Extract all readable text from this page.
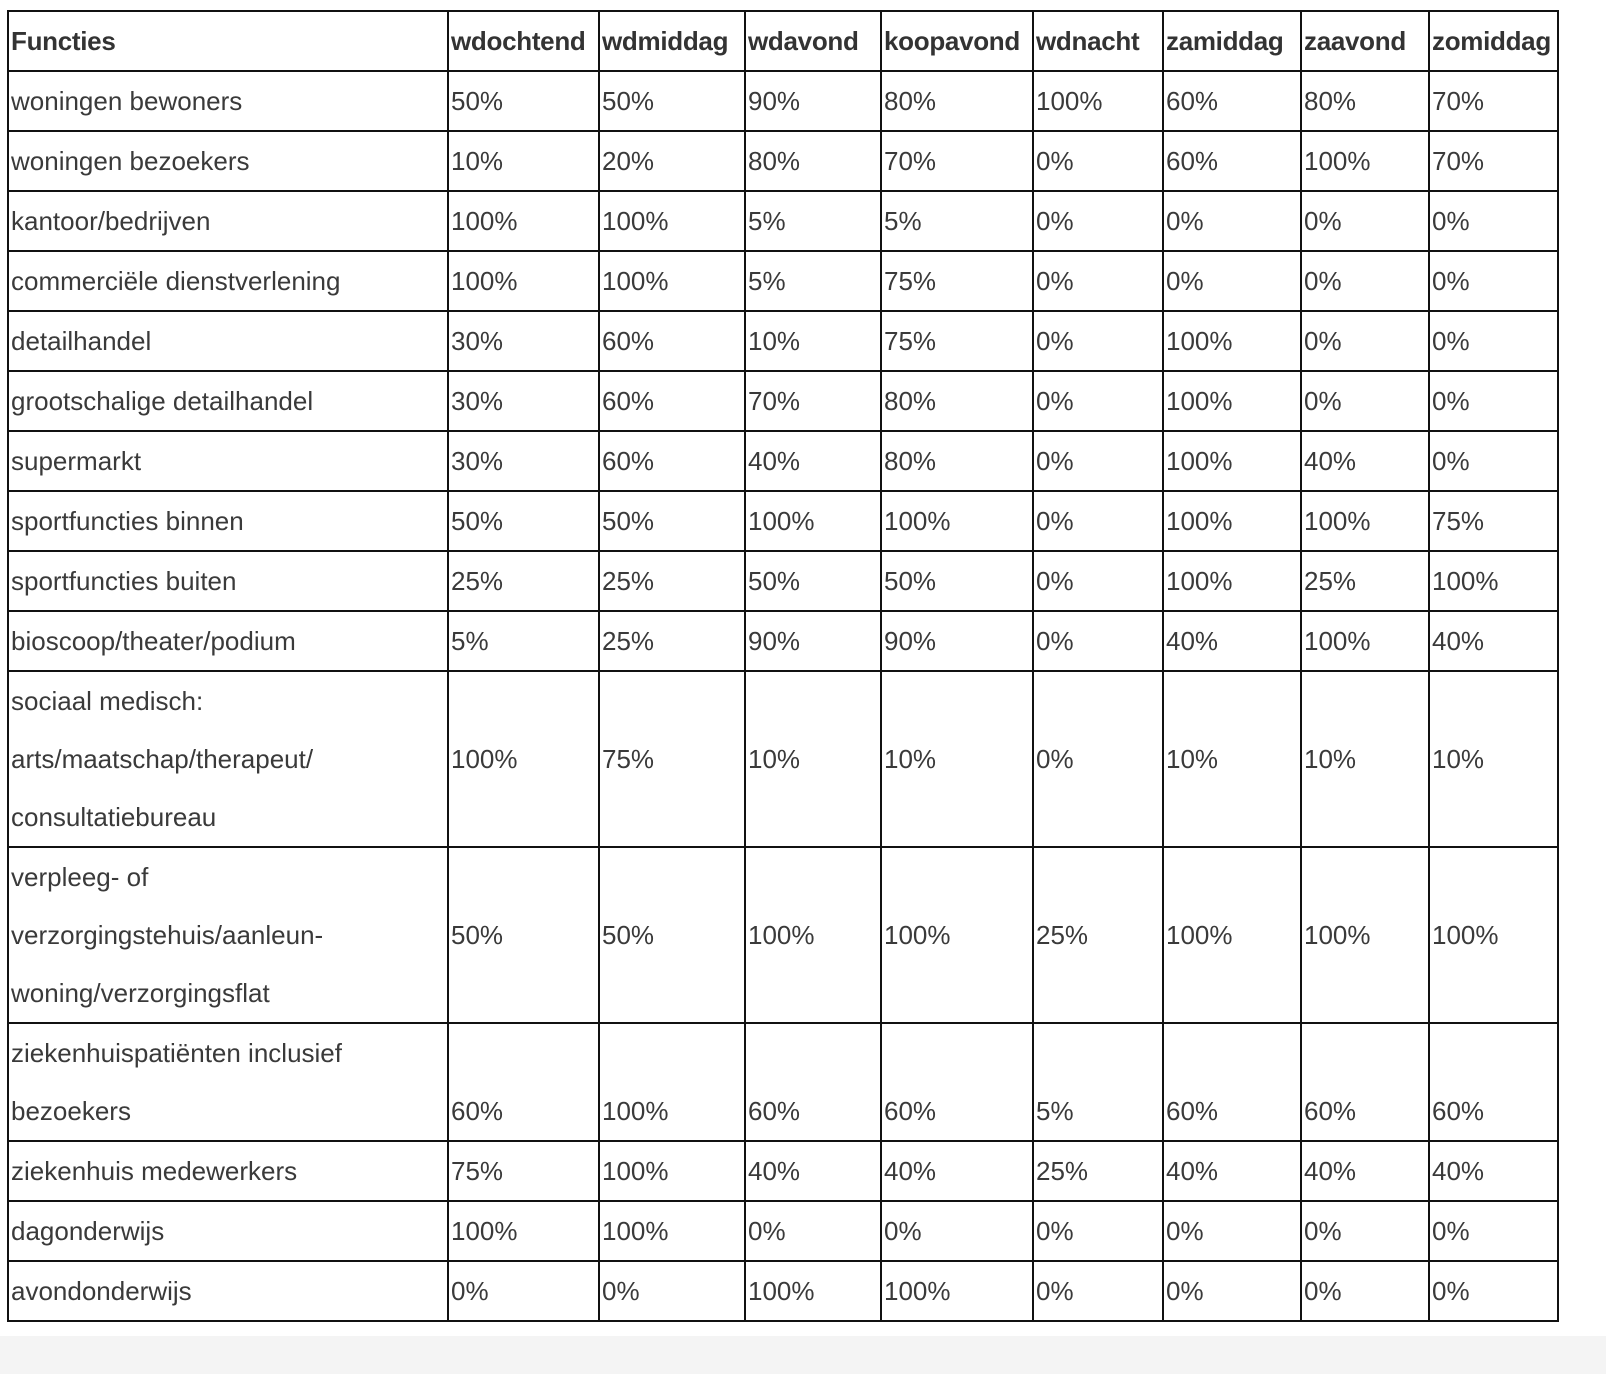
Functies	wdochtend	wdmiddag	wdavond	koopavond	wdnacht	zamiddag	zaavond	zomiddag

woningen bewoners	50%	50%	90%	80%	100%	60%	80%	70%

woningen bezoekers	10%	20%	80%	70%	0%	60%	100%	70%

kantoor/bedrijven	100%	100%	5%	5%	0%	0%	0%	0%

commerciële dienstverlening	100%	100%	5%	75%	0%	0%	0%	0%

detailhandel	30%	60%	10%	75%	0%	100%	0%	0%

grootschalige detailhandel	30%	60%	70%	80%	0%	100%	0%	0%

supermarkt	30%	60%	40%	80%	0%	100%	40%	0%

sportfuncties binnen	50%	50%	100%	100%	0%	100%	100%	75%

sportfuncties buiten	25%	25%	50%	50%	0%	100%	25%	100%

bioscoop/theater/podium	5%	25%	90%	90%	0%	40%	100%	40%

sociaal medisch:
arts/maatschap/therapeut/
consultatiebureau	100%	75%	10%	10%	0%	10%	10%	10%

verpleeg- of
verzorgingstehuis/aanleun-
woning/verzorgingsflat	50%	50%	100%	100%	25%	100%	100%	100%

ziekenhuispatiënten inclusief
bezoekers	60%	100%	60%	60%	5%	60%	60%	60%

ziekenhuis medewerkers	75%	100%	40%	40%	25%	40%	40%	40%

dagonderwijs	100%	100%	0%	0%	0%	0%	0%	0%

avondonderwijs	0%	0%	100%	100%	0%	0%	0%	0%
